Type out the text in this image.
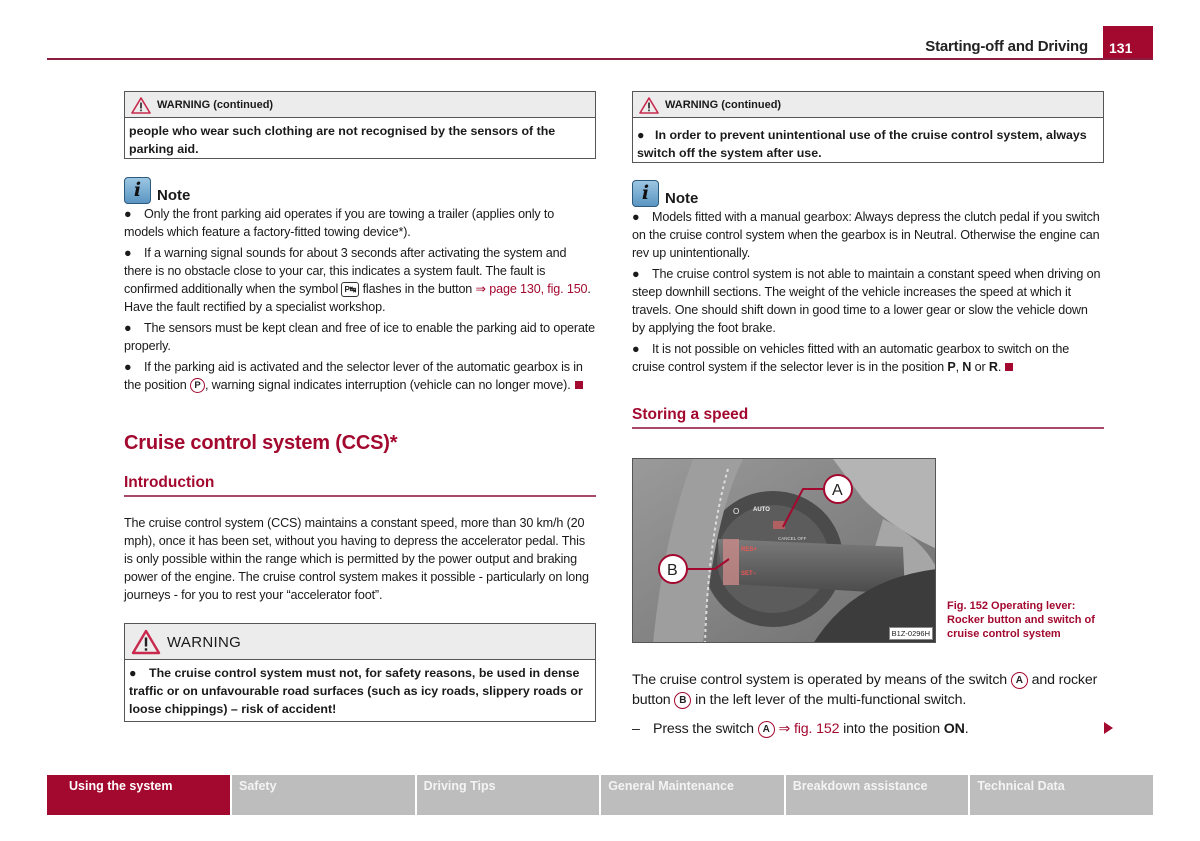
Starting-off and Driving	131
WARNING (continued)
people who wear such clothing are not recognised by the sensors of the parking aid.
i	Note
● Only the front parking aid operates if you are towing a trailer (applies only to models which feature a factory-fitted towing device*).
● If a warning signal sounds for about 3 seconds after activating the system and there is no obstacle close to your car, this indicates a system fault. The fault is confirmed additionally when the symbol P↹ flashes in the button ⇒ page 130, fig. 150. Have the fault rectified by a specialist workshop.
● The sensors must be kept clean and free of ice to enable the parking aid to operate properly.
● If the parking aid is activated and the selector lever of the automatic gearbox is in the position P , warning signal indicates interruption (vehicle can no longer move).
Cruise control system (CCS)*
Introduction
The cruise control system (CCS) maintains a constant speed, more than 30 km/h (20 mph), once it has been set, without you having to depress the accelerator pedal. This is only possible within the range which is permitted by the power output and braking power of the engine. The cruise control system makes it possible - particularly on long journeys - for you to rest your “accelerator foot”.
WARNING
● The cruise control system must not, for safety reasons, be used in dense traffic or on unfavourable road surfaces (such as icy roads, slippery roads or loose chippings) – risk of accident!
WARNING (continued)
● In order to prevent unintentional use of the cruise control system, always switch off the system after use.
i	Note
● Models fitted with a manual gearbox: Always depress the clutch pedal if you switch on the cruise control system when the gearbox is in Neutral. Otherwise the engine can rev up unintentionally.
● The cruise control system is not able to maintain a constant speed when driving on steep downhill sections. The weight of the vehicle increases the speed at which it travels. One should shift down in good time to a lower gear or slow the vehicle down by applying the foot brake.
● It is not possible on vehicles fitted with an automatic gearbox to switch on the cruise control system if the selector lever is in the position P, N or R.
Storing a speed
O AUTO
RES+
SET−
CANCEL OFF
A
B
B1Z-0296H
Fig. 152 Operating lever: Rocker button and switch of cruise control system
The cruise control system is operated by means of the switch A and rocker button B in the left lever of the multi-functional switch.
– Press the switch A ⇒ fig. 152 into the position ON.
Using the system	Safety	Driving Tips	General Maintenance	Breakdown assistance	Technical Data
